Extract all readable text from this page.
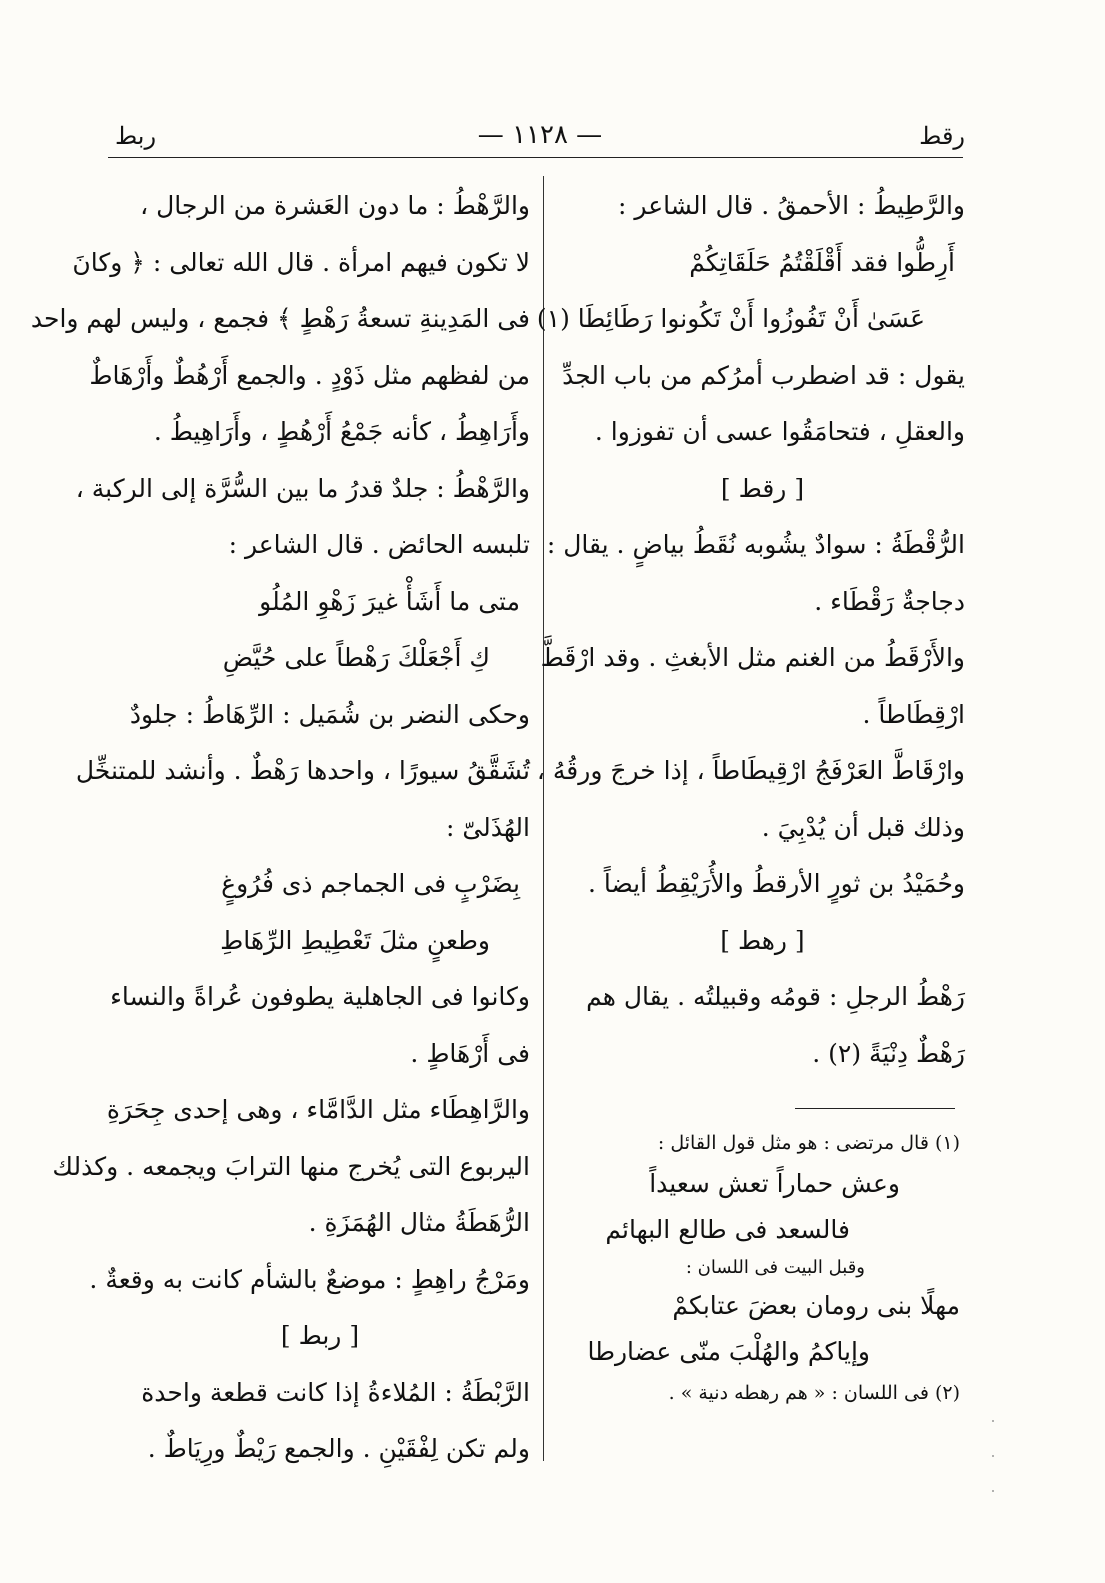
رقط
— ١١٢٨ —
ربط
والرَّطِيطُ : الأحمقُ . قال الشاعر :
أَرِطُّوا فقد أَقْلَقْتُمُ حَلَقَاتِكُمْ
عَسَىٰ أَنْ تَفُوزُوا أَنْ تَكُونوا رَطَائِطَا (١)
يقول : قد اضطرب أمرُكم من باب الجدِّ
والعقلِ ، فتحامَقُوا عسى أن تفوزوا .
[ رقط ]
الرُّقْطَةُ : سوادٌ يشُوبه نُقَطُ بياضٍ . يقال :
دجاجةٌ رَقْطَاء .
والأَرْقَطُ من الغنم مثل الأبغثِ . وقد ارْقَطَّ
ارْقِطَاطاً .
وارْقَاطَّ العَرْفَجُ ارْقِيطَاطاً ، إذا خرجَ ورقُهُ ،
وذلك قبل أن يُدْبِيَ .
وحُمَيْدُ بن ثورٍ الأرقطُ والأُرَيْقِطُ أيضاً .
[ رهط ]
رَهْطُ الرجلِ : قومُه وقبيلتُه . يقال هم
رَهْطٌ دِنْيَةً (٢) .
(١) قال مرتضى : هو مثل قول القائل :
وعش حماراً تعش سعيداً
فالسعد فى طالع البهائم
وقبل البيت فى اللسان :
مهلًا بنى رومان بعضَ عتابكمْ
وإياكمُ والهُلْبَ منّى عضارطا
(٢) فى اللسان : « هم رهطه دنية » .
والرَّهْطُ : ما دون العَشرة من الرجال ،
لا تكون فيهم امرأة . قال الله تعالى : ﴿ وكانَ
فى المَدِينةِ تسعةُ رَهْطٍ ﴾ فجمع ، وليس لهم واحد
من لفظهم مثل ذَوْدٍ . والجمع أَرْهُطٌ وأَرْهَاطٌ
وأَرَاهِطُ ، كأنه جَمْعُ أَرْهُطٍ ، وأَرَاهِيطُ .
والرَّهْطُ : جلدٌ قدرُ ما بين السُّرَّة إلى الركبة ،
تلبسه الحائض . قال الشاعر :
متى ما أَشَأْ غيرَ زَهْوِ المُلُو
كِ أَجْعَلْكَ رَهْطاً على حُيَّضِ
وحكى النضر بن شُمَيل : الرِّهَاطُ : جلودٌ
تُشَقَّقُ سيورًا ، واحدها رَهْطٌ . وأنشد للمتنخِّل
الهُذَلىّ :
بِضَرْبٍ فى الجماجم ذى فُرُوغٍ
وطعنٍ مثلَ تَعْطِيطِ الرِّهَاطِ
وكانوا فى الجاهلية يطوفون عُراةً والنساء
فى أَرْهَاطٍ .
والرَّاهِطَاء مثل الدَّامَّاء ، وهى إحدى جِحَرَةِ
اليربوع التى يُخرج منها الترابَ ويجمعه . وكذلك
الرُّهَطَةُ مثال الهُمَزَةِ .
ومَرْجُ راهِطٍ : موضعٌ بالشأم كانت به وقعةٌ .
[ ربط ]
الرَّبْطَةُ : المُلاءةُ إذا كانت قطعة واحدة
ولم تكن لِفْقَيْنِ . والجمع رَيْطٌ ورِيَاطٌ .
